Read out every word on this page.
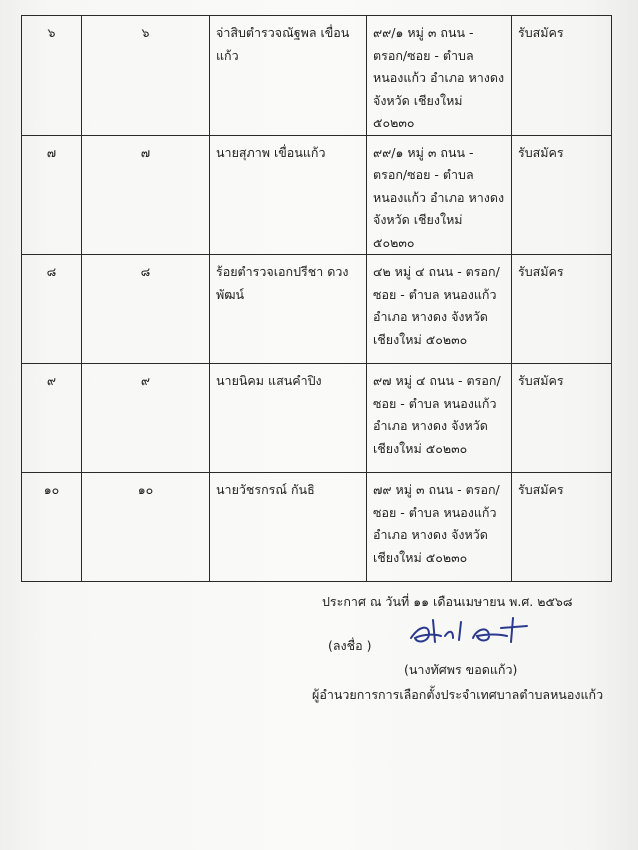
๖	๖	จ่าสิบตำรวจณัฐพล เขื่อนแก้ว	๙๙/๑ หมู่ ๓ ถนน - ตรอก/ซอย - ตำบล หนองแก้ว อำเภอ หางดง จังหวัด เชียงใหม่ ๕๐๒๓๐	รับสมัคร
๗	๗	นายสุภาพ เขื่อนแก้ว	๙๙/๑ หมู่ ๓ ถนน - ตรอก/ซอย - ตำบล หนองแก้ว อำเภอ หางดง จังหวัด เชียงใหม่ ๕๐๒๓๐	รับสมัคร
๘	๘	ร้อยตำรวจเอกปรีชา ดวงพัฒน์	๔๒ หมู่ ๔ ถนน - ตรอก/ซอย - ตำบล หนองแก้ว อำเภอ หางดง จังหวัด เชียงใหม่ ๕๐๒๓๐	รับสมัคร
๙	๙	นายนิคม แสนคำปิง	๙๗ หมู่ ๔ ถนน - ตรอก/ซอย - ตำบล หนองแก้ว อำเภอ หางดง จังหวัด เชียงใหม่ ๕๐๒๓๐	รับสมัคร
๑๐	๑๐	นายวัชรกรณ์ กันธิ	๗๙ หมู่ ๓ ถนน - ตรอก/ซอย - ตำบล หนองแก้ว อำเภอ หางดง จังหวัด เชียงใหม่ ๕๐๒๓๐	รับสมัคร
ประกาศ ณ วันที่ ๑๑ เดือนเมษายน พ.ศ. ๒๕๖๘
(ลงชื่อ )
(นางทัศพร ขอดแก้ว)
ผู้อำนวยการการเลือกตั้งประจำเทศบาลตำบลหนองแก้ว
